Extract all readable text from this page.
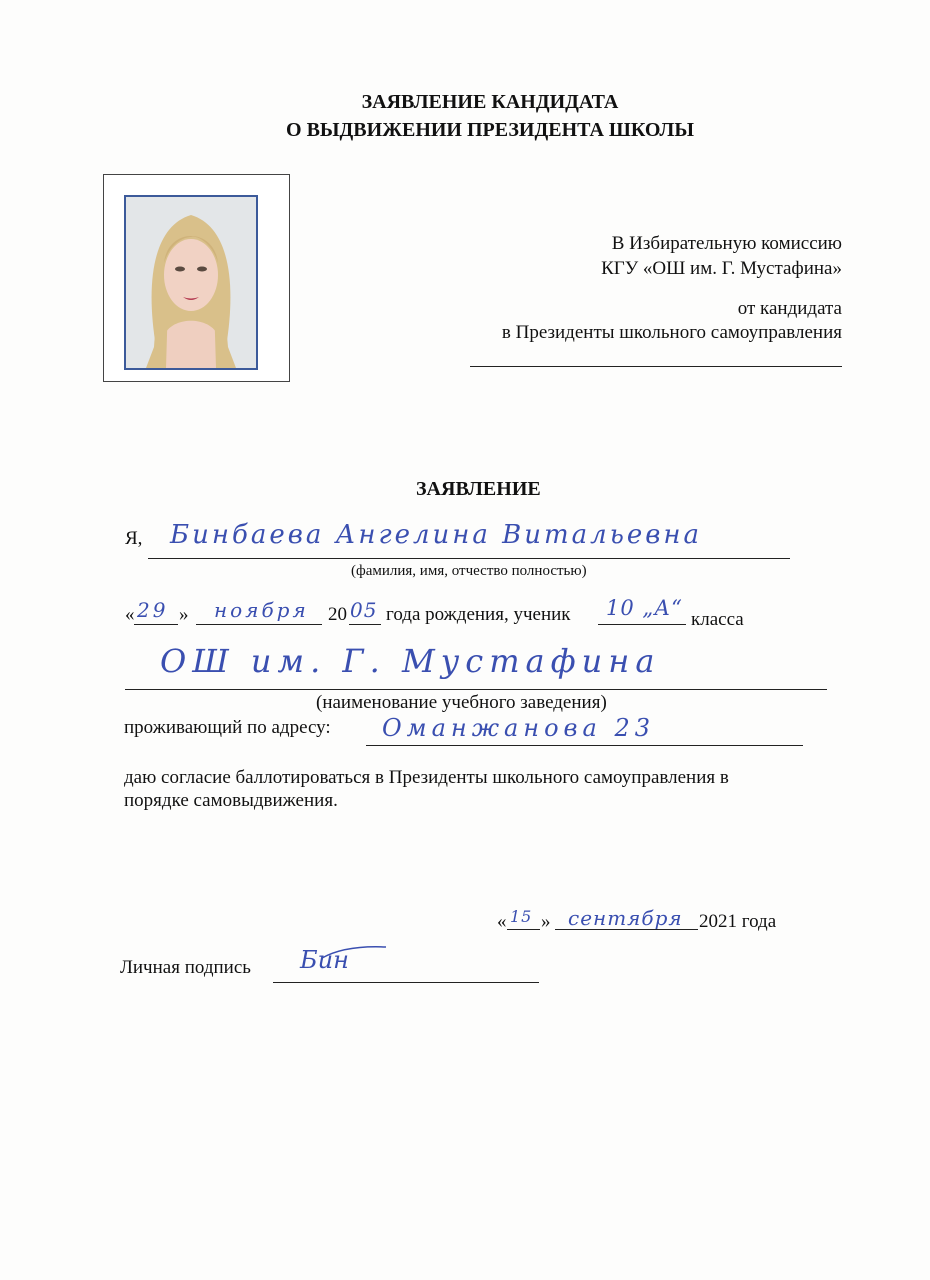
ЗАЯВЛЕНИЕ КАНДИДАТА
О ВЫДВИЖЕНИИ ПРЕЗИДЕНТА ШКОЛЫ
В Избирательную комиссию
КГУ «ОШ им. Г. Мустафина»
от кандидата
в Президенты школьного самоуправления
ЗАЯВЛЕНИЕ
Я, Бинбаева Ангелина Витальевна
(фамилия, имя, отчество полностью)
« 29 » ноября 20 05 года рождения, ученик 10 „А“ класса
ОШ им. Г. Мустафина
(наименование учебного заведения)
проживающий по адресу: Оманжанова 23
даю согласие баллотироваться в Президенты школьного самоуправления в
порядке самовыдвижения.
« 15 » сентября 2021 года
Личная подпись Бин
